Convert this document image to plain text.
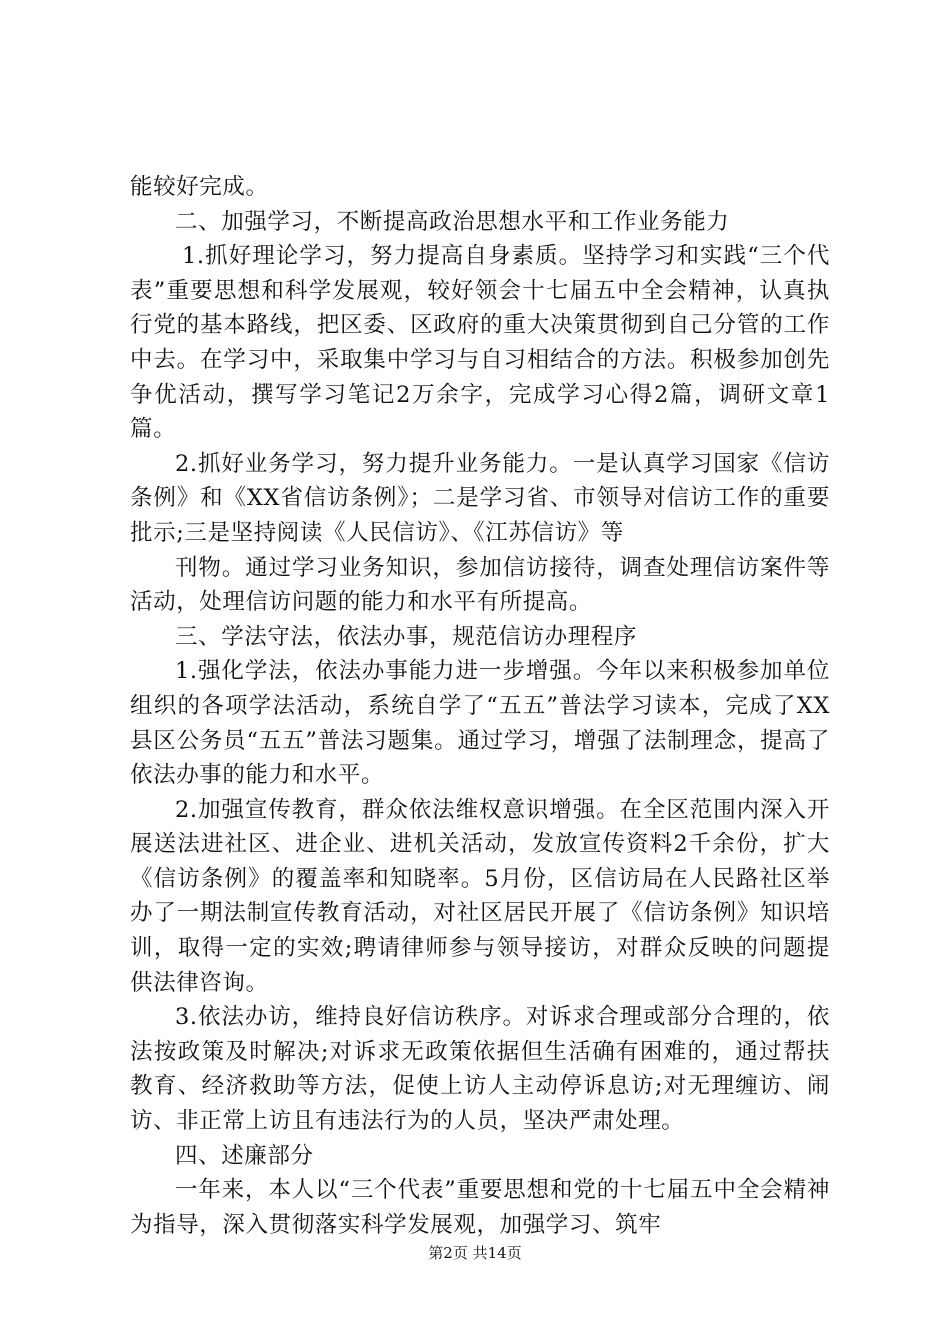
能较好完成。

二、加强学习，不断提高政治思想水平和工作业务能力

1.抓好理论学习，努力提高自身素质。坚持学习和实践“三个代表”重要思想和科学发展观，较好领会十七届五中全会精神，认真执行党的基本路线，把区委、区政府的重大决策贯彻到自己分管的工作中去。在学习中，采取集中学习与自习相结合的方法。积极参加创先争优活动，撰写学习笔记2万余字，完成学习心得2篇，调研文章1篇。

2.抓好业务学习，努力提升业务能力。一是认真学习国家《信访条例》和《XX省信访条例》；二是学习省、市领导对信访工作的重要批示;三是坚持阅读《人民信访》、《江苏信访》等

刊物。通过学习业务知识，参加信访接待，调查处理信访案件等活动，处理信访问题的能力和水平有所提高。

三、学法守法，依法办事，规范信访办理程序

1.强化学法，依法办事能力进一步增强。今年以来积极参加单位组织的各项学法活动，系统自学了“五五”普法学习读本，完成了XX县区公务员“五五”普法习题集。通过学习，增强了法制理念，提高了依法办事的能力和水平。

2.加强宣传教育，群众依法维权意识增强。在全区范围内深入开展送法进社区、进企业、进机关活动，发放宣传资料2千余份，扩大《信访条例》的覆盖率和知晓率。5月份，区信访局在人民路社区举办了一期法制宣传教育活动，对社区居民开展了《信访条例》知识培训，取得一定的实效;聘请律师参与领导接访，对群众反映的问题提供法律咨询。

3.依法办访，维持良好信访秩序。对诉求合理或部分合理的，依法按政策及时解决;对诉求无政策依据但生活确有困难的，通过帮扶教育、经济救助等方法，促使上访人主动停诉息访;对无理缠访、闹访、非正常上访且有违法行为的人员，坚决严肃处理。

四、述廉部分

一年来，本人以“三个代表”重要思想和党的十七届五中全会精神为指导，深入贯彻落实科学发展观，加强学习、筑牢

第2页 共14页
